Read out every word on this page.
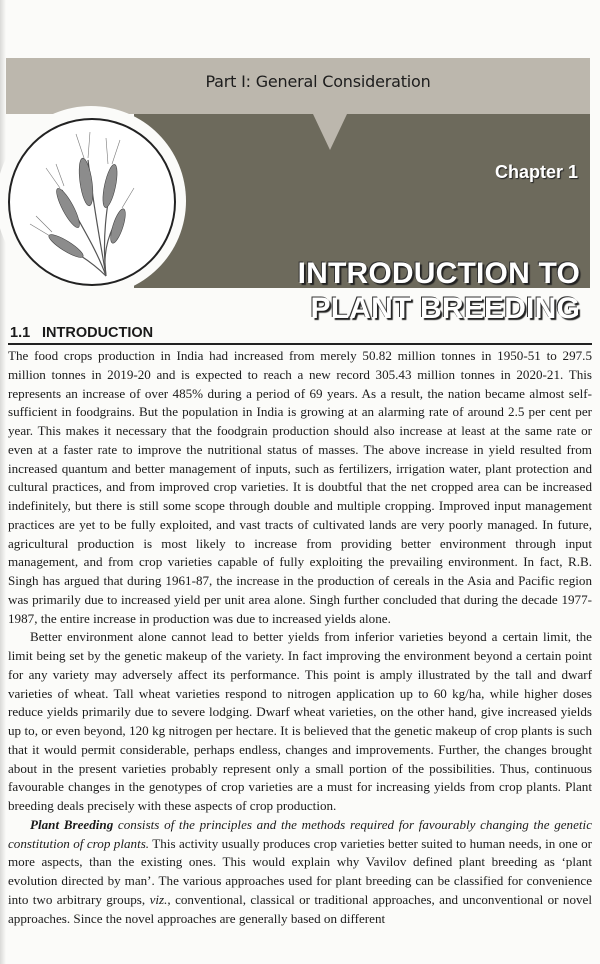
Part I: General Consideration
Chapter 1
INTRODUCTION TO
PLANT BREEDING
1.1 INTRODUCTION

The food crops production in India had increased from merely 50.82 million tonnes in 1950-51 to 297.5 million tonnes in 2019-20 and is expected to reach a new record 305.43 million tonnes in 2020-21. This represents an increase of over 485% during a period of 69 years. As a result, the nation became almost self-sufficient in foodgrains. But the population in India is growing at an alarming rate of around 2.5 per cent per year. This makes it necessary that the foodgrain production should also increase at least at the same rate or even at a faster rate to improve the nutritional status of masses. The above increase in yield resulted from increased quantum and better management of inputs, such as fertilizers, irrigation water, plant protection and cultural practices, and from improved crop varieties. It is doubtful that the net cropped area can be increased indefinitely, but there is still some scope through double and multiple cropping. Improved input management practices are yet to be fully exploited, and vast tracts of cultivated lands are very poorly managed. In future, agricultural production is most likely to increase from providing better environment through input management, and from crop varieties capable of fully exploiting the prevailing environment. In fact, R.B. Singh has argued that during 1961-87, the increase in the production of cereals in the Asia and Pacific region was primarily due to increased yield per unit area alone. Singh further concluded that during the decade 1977-1987, the entire increase in production was due to increased yields alone.

Better environment alone cannot lead to better yields from inferior varieties beyond a certain limit, the limit being set by the genetic makeup of the variety. In fact improving the environment beyond a certain point for any variety may adversely affect its performance. This point is amply illustrated by the tall and dwarf varieties of wheat. Tall wheat varieties respond to nitrogen application up to 60 kg/ha, while higher doses reduce yields primarily due to severe lodging. Dwarf wheat varieties, on the other hand, give increased yields up to, or even beyond, 120 kg nitrogen per hectare. It is believed that the genetic makeup of crop plants is such that it would permit considerable, perhaps endless, changes and improvements. Further, the changes brought about in the present varieties probably represent only a small portion of the possibilities. Thus, continuous favourable changes in the genotypes of crop varieties are a must for increasing yields from crop plants. Plant breeding deals precisely with these aspects of crop production.

Plant Breeding consists of the principles and the methods required for favourably changing the genetic constitution of crop plants. This activity usually produces crop varieties better suited to human needs, in one or more aspects, than the existing ones. This would explain why Vavilov defined plant breeding as ‘plant evolution directed by man’. The various approaches used for plant breeding can be classified for convenience into two arbitrary groups, viz., conventional, classical or traditional approaches, and unconventional or novel approaches. Since the novel approaches are generally based on different
